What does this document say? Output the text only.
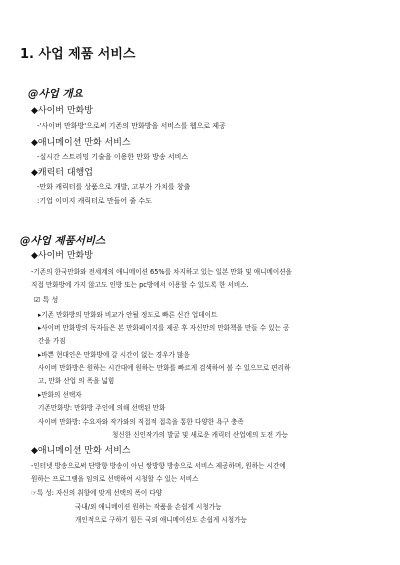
1. 사업 제품 서비스
@사업 개요
◆사이버 만화방
-'사이버 만화방'으로써 기존의 만화방을 서비스를 웹으로 제공
◆애니메이션 만화 서비스
-실시간 스트리밍 기술을 이용한 만화 방송 서비스
◆캐릭터 대행업
-만화 캐릭터를 상품으로 개발, 고부가 가치를 창출
:기업 이미지 캐릭터로 만들어 줄 수도
@사업 제품서비스
◆사이버 만화방
-기존의 한국만화와 전세계의 애니메이션 65%를 차지하고 있는 일본 만화 및 애니메이션을
직접 만화방에 가지 않고도 인방 또는 pc방에서 이용할 수 있도록 한 서비스.
☑ 특 성
▸기존 만화방의 만화와 비교가 안될 정도로 빠른 신간 업데이트
▸사이버 만화방의 독자들은 본 만화페이지를 제공 후 자신만의 만화책을 만들 수 있는 공
간을 가짐
▸바쁜 현대인은 만화방에 갈 시간이 없는 경우가 많음
사이버 만화방은 원하는 시간대에 원하는 만화를 빠르게 검색하여 볼 수 있으므로 편리하
고, 만화 산업 의 폭을 넓힘
▸만화의 선택자
기존만화방: 만화방 주인에 의해 선택된 만화
사이버 만화방: 수요자와 작가와의 직접적 접촉을 통한 다양한 욕구 충족
청신한 신인작가의 발굴 및 새로운 캐릭터 산업에의 도전 가능
◆애니메이션 만화 서비스
-인터넷 방송으로써 단방향 방송이 아닌 쌍방향 방송으로 서비스 제공하며, 원하는 시간에
원하는 프로그램을 임의로 선택하여 시청할 수 있는 서비스
☞특 성: 자신의 취향에 맞게 선택의 폭이 다양
국내/외 애니메이션 원하는 작품을 손쉽게 시청가능
개인적으로 구하기 힘든 국외 애니메이션도 손쉽게 시청가능
